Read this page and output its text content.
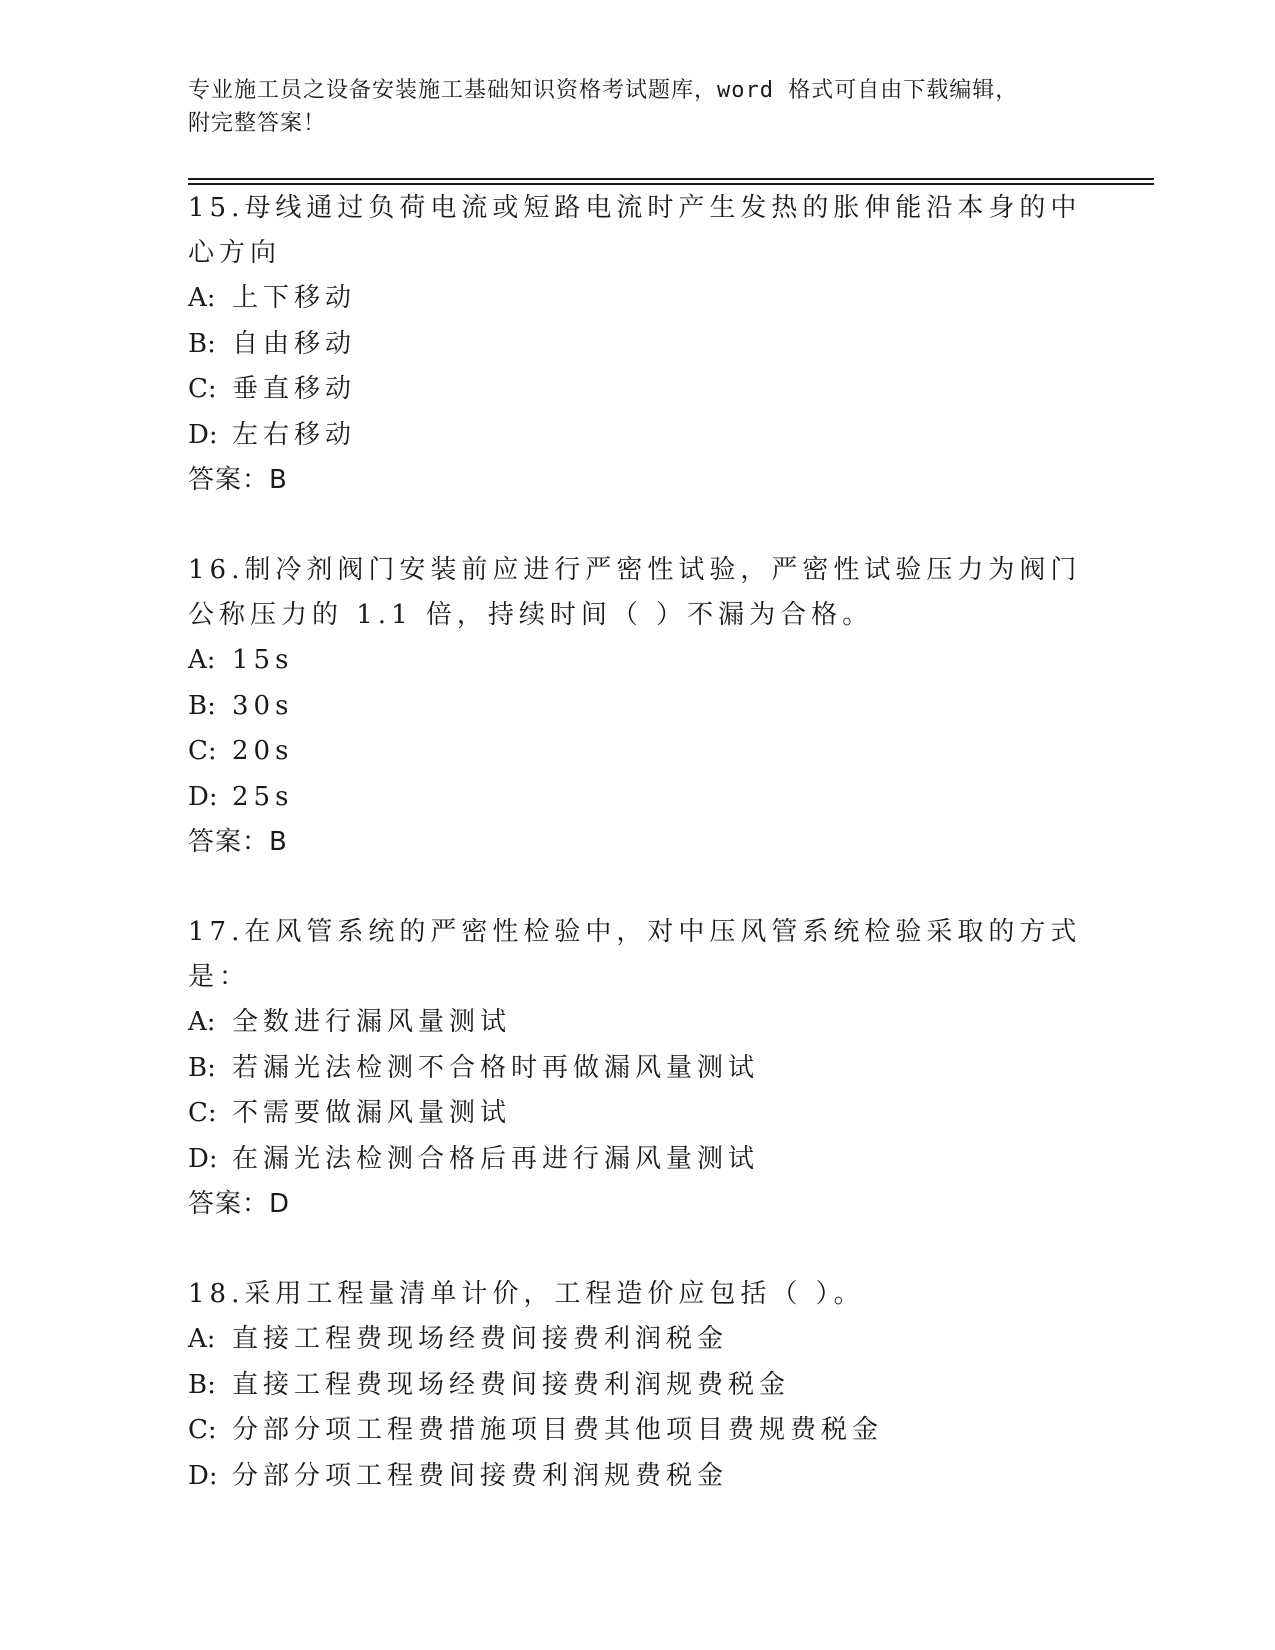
专业施工员之设备安装施工基础知识资格考试题库，word 格式可自由下载编辑，
附完整答案！

15.母线通过负荷电流或短路电流时产生发热的胀伸能沿本身的中心方向

A: 上下移动
B: 自由移动
C: 垂直移动
D: 左右移动

答案：B

16.制冷剂阀门安装前应进行严密性试验，严密性试验压力为阀门公称压力的 1.1 倍，持续时间（ ）不漏为合格。

A: 15s
B: 30s
C: 20s
D: 25s

答案：B

17.在风管系统的严密性检验中，对中压风管系统检验采取的方式是：

A: 全数进行漏风量测试
B: 若漏光法检测不合格时再做漏风量测试
C: 不需要做漏风量测试
D: 在漏光法检测合格后再进行漏风量测试

答案：D

18.采用工程量清单计价，工程造价应包括（ ）。

A: 直接工程费现场经费间接费利润税金
B: 直接工程费现场经费间接费利润规费税金
C: 分部分项工程费措施项目费其他项目费规费税金
D: 分部分项工程费间接费利润规费税金
